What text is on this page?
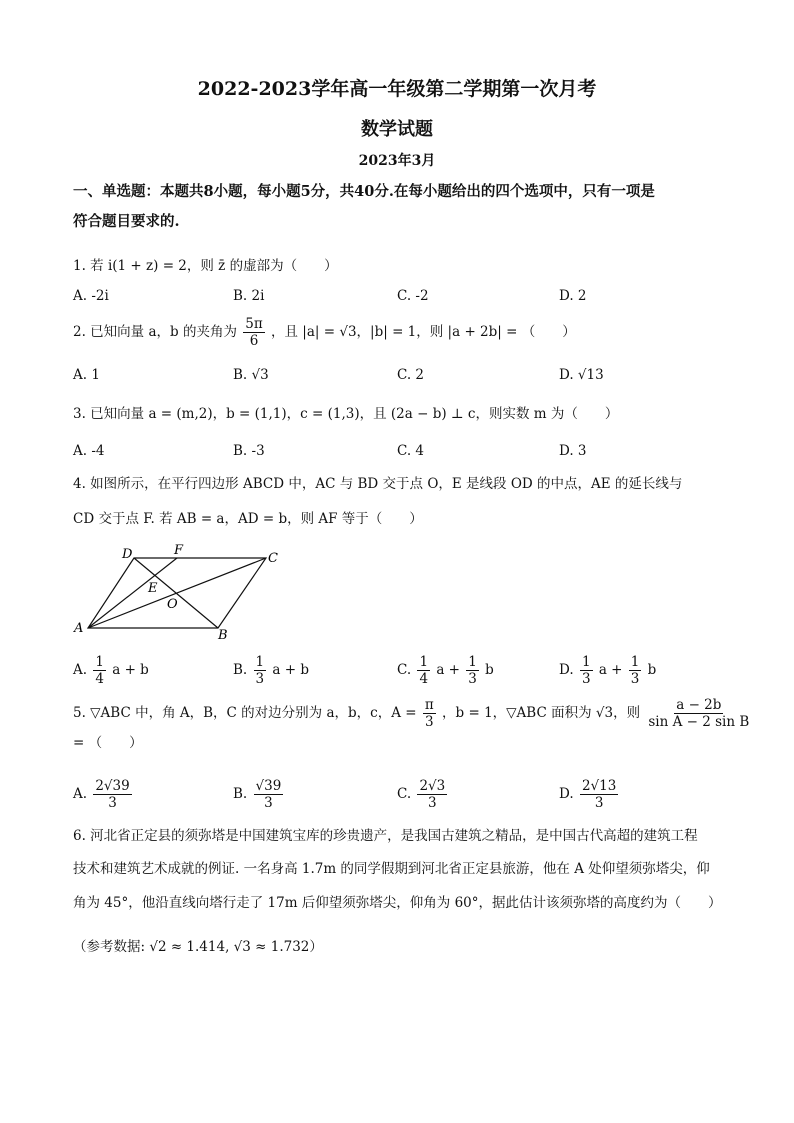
2022-2023学年高一年级第二学期第一次月考
数学试题
2023年3月
一、单选题：本题共8小题，每小题5分，共40分.在每小题给出的四个选项中，只有一项是
符合题目要求的.
1. 若 i(1 + z) = 2，则 z̄ 的虚部为（　　）
A. -2i	B. 2i	C. -2	D. 2
2. 已知向量 a，b 的夹角为 $\frac{5\pi}{6}$ ，且 |a| = √3，|b| = 1，则 |a + 2b| = （　　）
A. 1	B. √3	C. 2	D. √13
3. 已知向量 a = (m,2)，b = (1,1)，c = (1,3)，且 (2a − b) ⊥ c，则实数 m 为（　　）
A. -4	B. -3	C. 4	D. 3
4. 如图所示，在平行四边形 ABCD 中，AC 与 BD 交于点 O，E 是线段 OD 的中点，AE 的延长线与
CD 交于点 F. 若 AB = a，AD = b，则 AF 等于（　　）
A	B
C
D
E
F
O
A. $\frac{1}{4}$ a + b	B. $\frac{1}{3}$ a + b	C. $\frac{1}{4}$ $a + \frac{1}{3}$ b	D. $\frac{1}{3}$ $a + \frac{1}{3}$ b
5. ▽ABC 中，角 A，B，C 的对边分别为 a，b，c，$A = \frac{\pi}{3}$ ，b = 1，▽ABC 面积为 √3，则 $\frac{a - 2b}{\text{sin A − 2 sin B}}$
= （　　）
A. $\frac{2√39}{3}$	B. $\frac{√39}{3}$	C. $\frac{2√3}{3}$	D. $\frac{2√13}{3}$
6. 河北省正定县的须弥塔是中国建筑宝库的珍贵遗产，是我国古建筑之精品，是中国古代高超的建筑工程
技术和建筑艺术成就的例证. 一名身高 1.7m 的同学假期到河北省正定县旅游，他在 A 处仰望须弥塔尖，仰
角为 45°，他沿直线向塔行走了 17m 后仰望须弥塔尖，仰角为 60°，据此估计该须弥塔的高度约为（　　）
（参考数据: √2 ≈ 1.414, √3 ≈ 1.732）
